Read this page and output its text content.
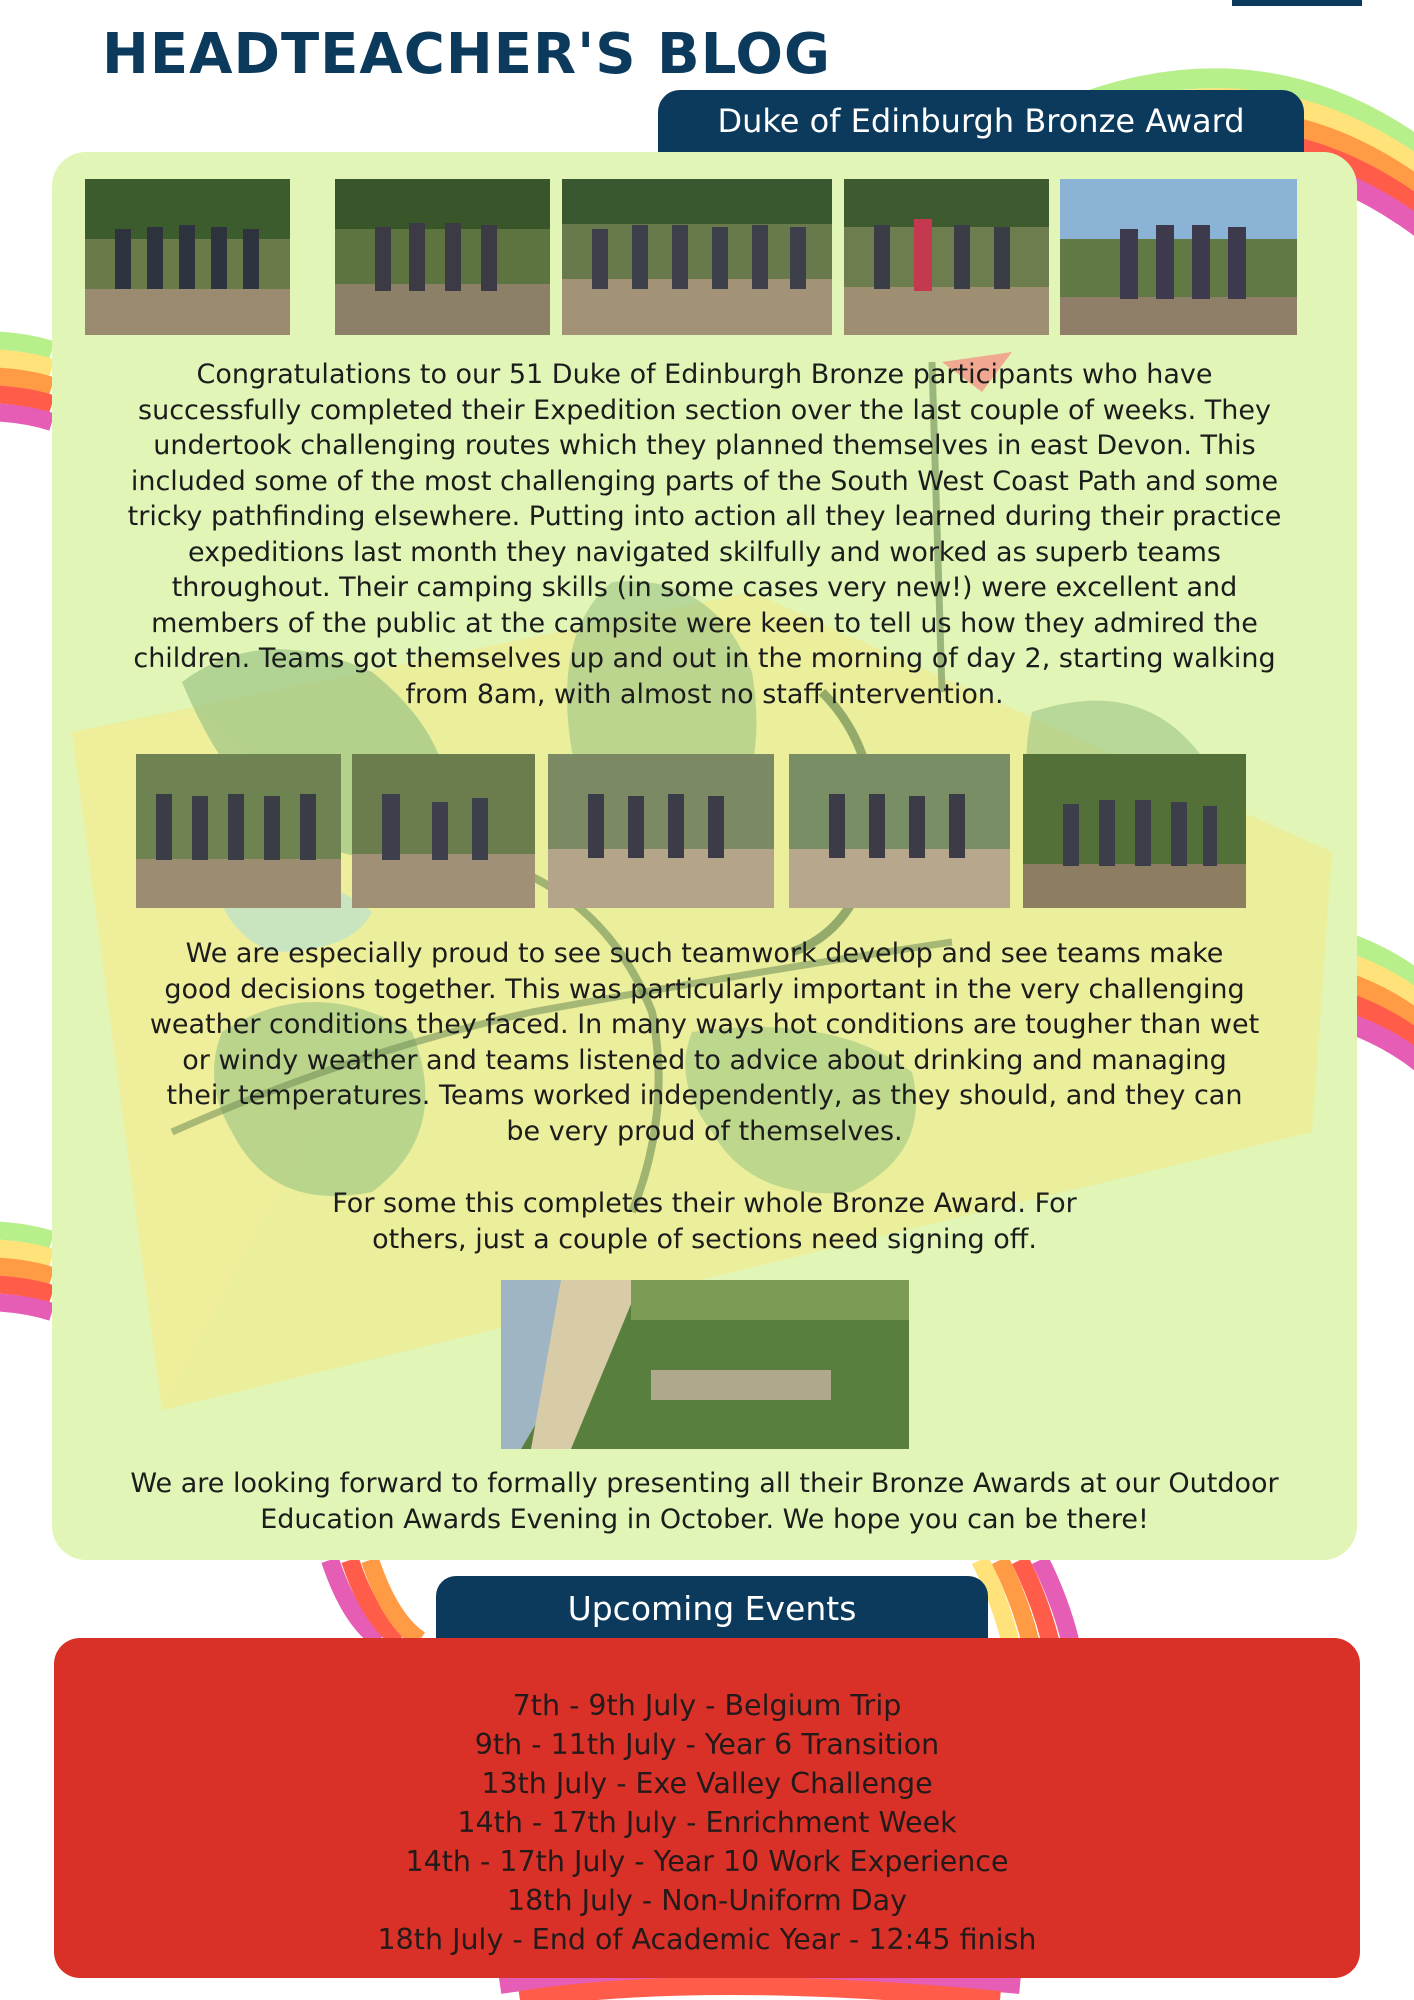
HEADTEACHER'S BLOG
Duke of Edinburgh Bronze Award

Congratulations to our 51 Duke of Edinburgh Bronze participants who have successfully completed their Expedition section over the last couple of weeks. They undertook challenging routes which they planned themselves in east Devon. This included some of the most challenging parts of the South West Coast Path and some tricky pathfinding elsewhere. Putting into action all they learned during their practice expeditions last month they navigated skilfully and worked as superb teams throughout. Their camping skills (in some cases very new!) were excellent and members of the public at the campsite were keen to tell us how they admired the children. Teams got themselves up and out in the morning of day 2, starting walking from 8am, with almost no staff intervention.

We are especially proud to see such teamwork develop and see teams make good decisions together. This was particularly important in the very challenging weather conditions they faced. In many ways hot conditions are tougher than wet or windy weather and teams listened to advice about drinking and managing their temperatures. Teams worked independently, as they should, and they can be very proud of themselves.

For some this completes their whole Bronze Award. For others, just a couple of sections need signing off.

We are looking forward to formally presenting all their Bronze Awards at our Outdoor Education Awards Evening in October. We hope you can be there!

Upcoming Events
7th - 9th July - Belgium Trip
9th - 11th July - Year 6 Transition
13th July - Exe Valley Challenge
14th - 17th July - Enrichment Week
14th - 17th July - Year 10 Work Experience
18th July - Non-Uniform Day
18th July - End of Academic Year - 12:45 finish
